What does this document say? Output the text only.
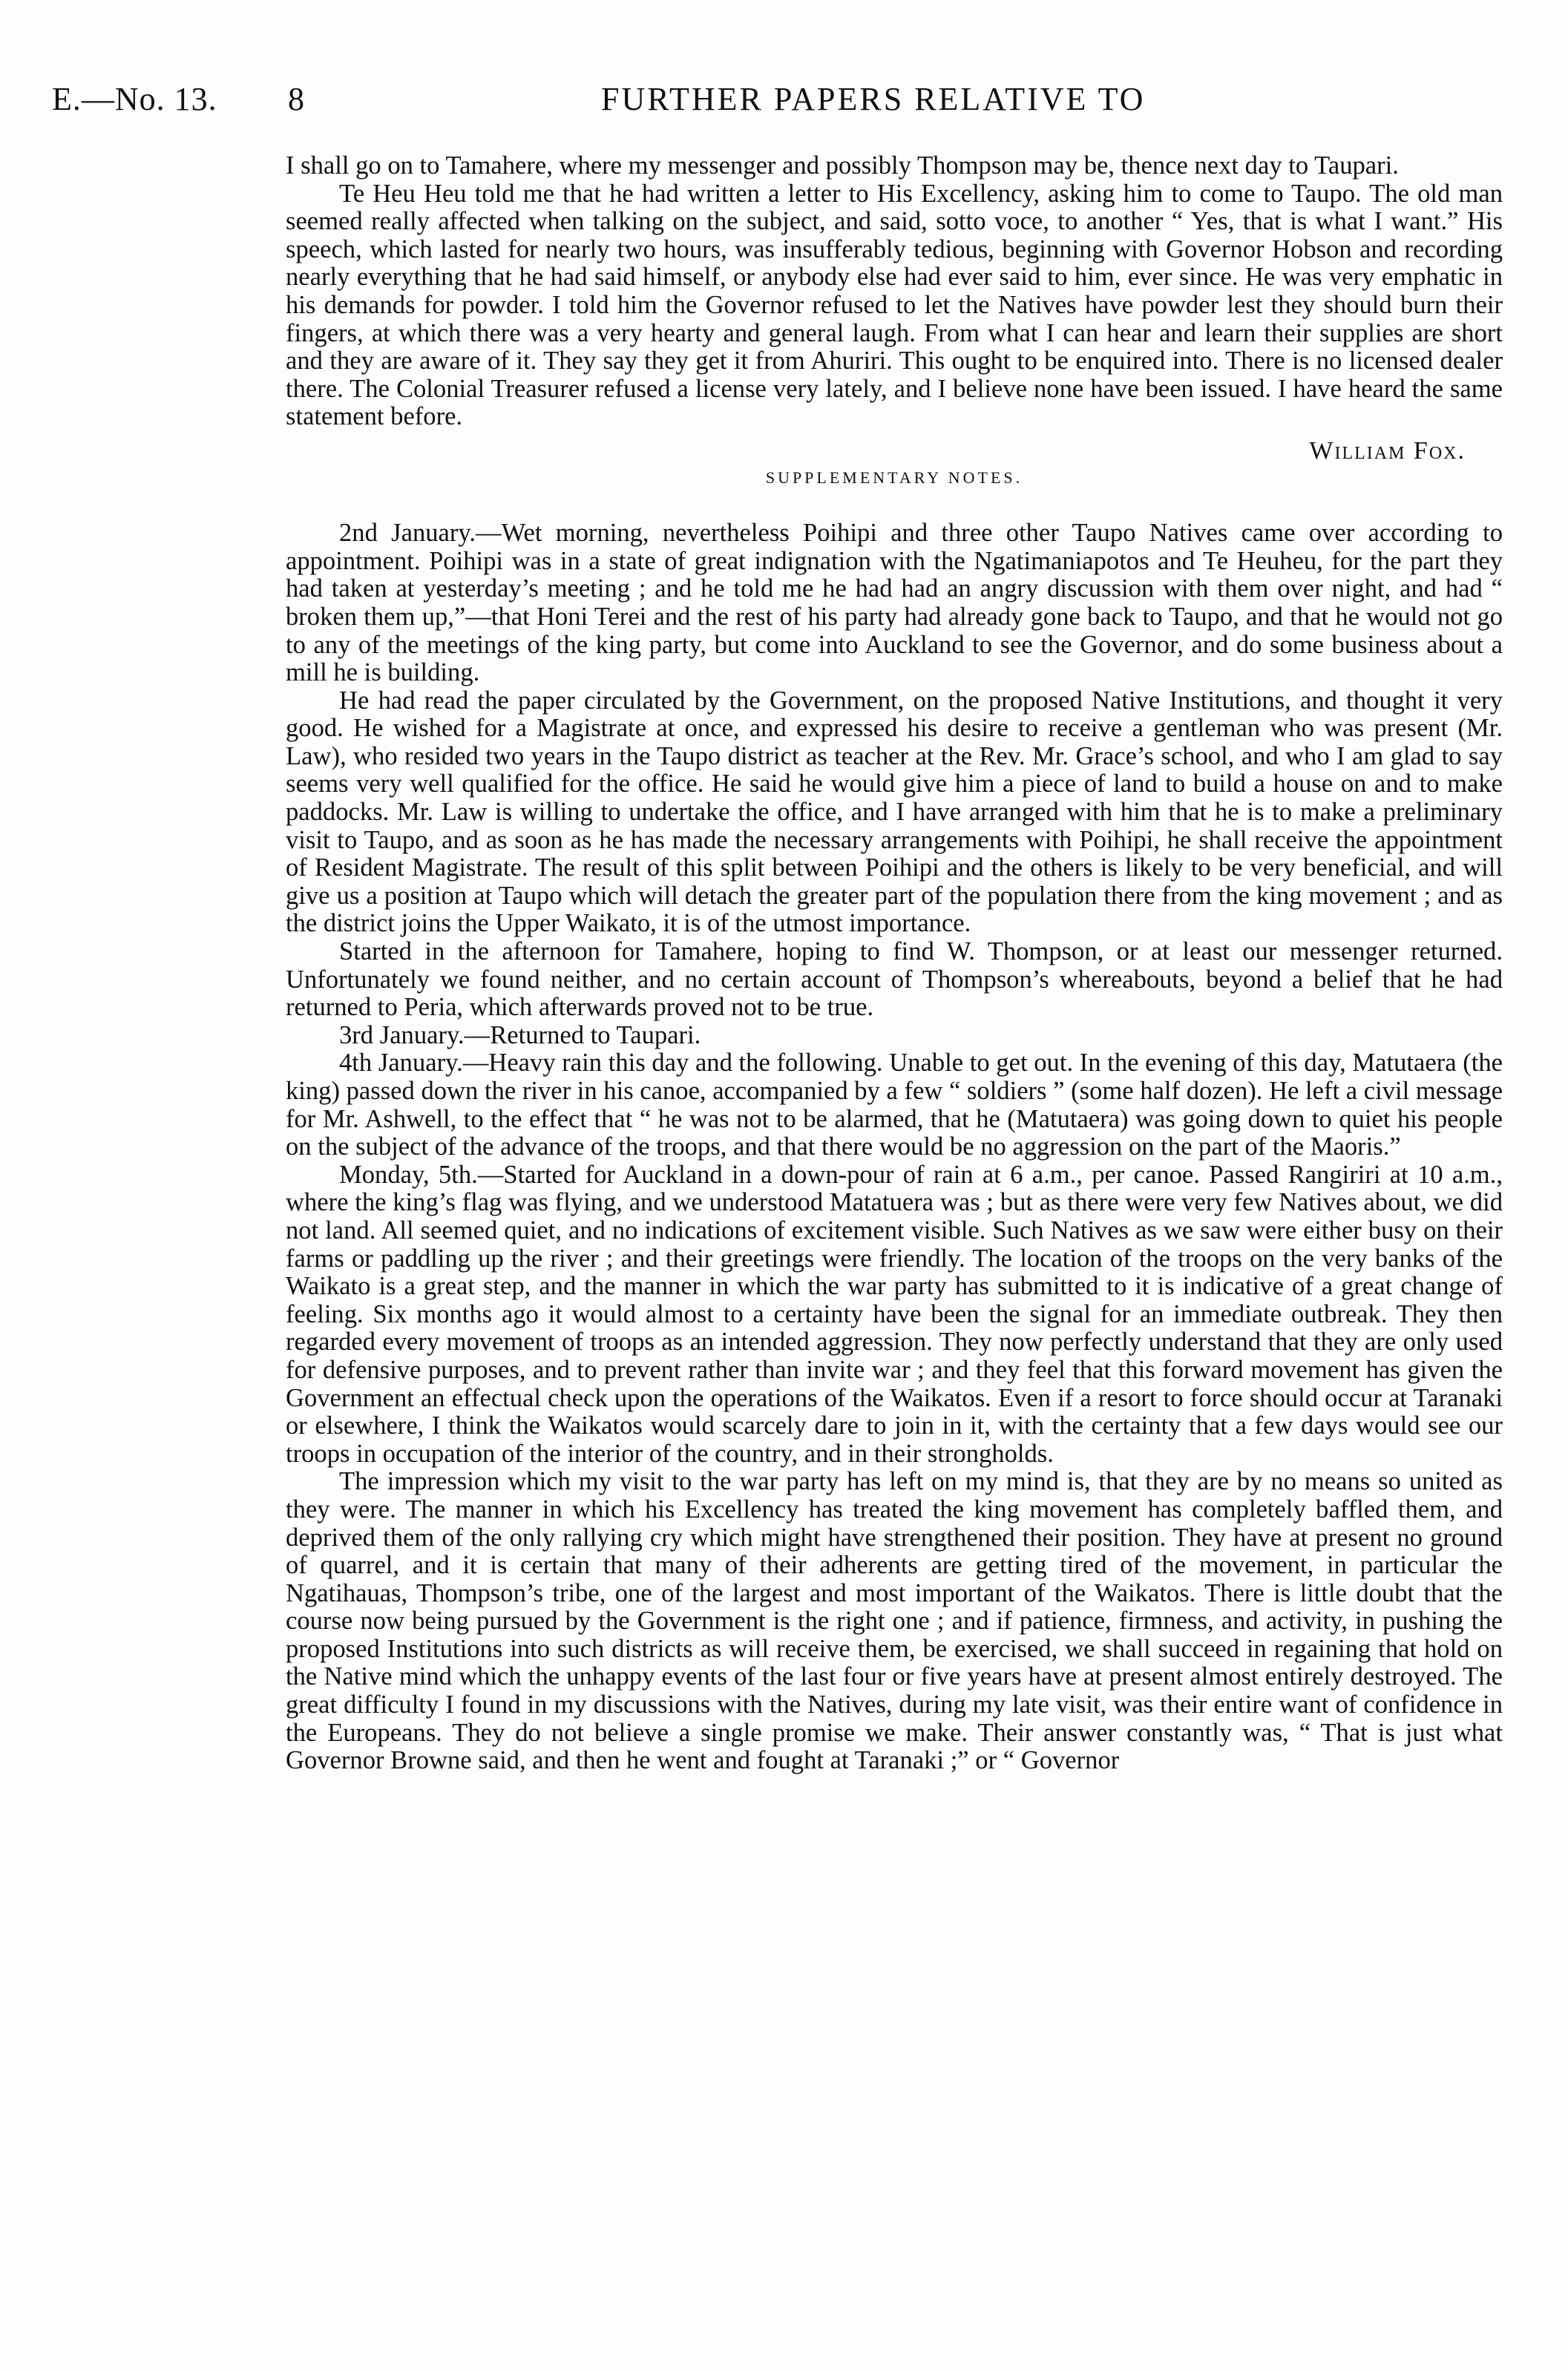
E.—No. 13. 8	FURTHER PAPERS RELATIVE TO

I shall go on to Tamahere, where my messenger and possibly Thompson may be, thence next day to Taupari.

Te Heu Heu told me that he had written a letter to His Excellency, asking him to come to Taupo. The old man seemed really affected when talking on the subject, and said, sotto voce, to another “ Yes, that is what I want.” His speech, which lasted for nearly two hours, was insufferably tedious, beginning with Governor Hobson and recording nearly everything that he had said himself, or anybody else had ever said to him, ever since. He was very emphatic in his demands for powder. I told him the Governor refused to let the Natives have powder lest they should burn their fingers, at which there was a very hearty and general laugh. From what I can hear and learn their supplies are short and they are aware of it. They say they get it from Ahuriri. This ought to be enquired into. There is no licensed dealer there. The Colonial Treasurer refused a license very lately, and I believe none have been issued. I have heard the same statement before.

William Fox.
SUPPLEMENTARY NOTES.

2nd January.—Wet morning, nevertheless Poihipi and three other Taupo Natives came over according to appointment. Poihipi was in a state of great indignation with the Ngatimaniapotos and Te Heuheu, for the part they had taken at yesterday’s meeting ; and he told me he had had an angry discussion with them over night, and had “ broken them up,”—that Honi Terei and the rest of his party had already gone back to Taupo, and that he would not go to any of the meetings of the king party, but come into Auckland to see the Governor, and do some business about a mill he is building.

He had read the paper circulated by the Government, on the proposed Native Institutions, and thought it very good. He wished for a Magistrate at once, and expressed his desire to receive a gentleman who was present (Mr. Law), who resided two years in the Taupo district as teacher at the Rev. Mr. Grace’s school, and who I am glad to say seems very well qualified for the office. He said he would give him a piece of land to build a house on and to make paddocks. Mr. Law is willing to undertake the office, and I have arranged with him that he is to make a preliminary visit to Taupo, and as soon as he has made the necessary arrangements with Poihipi, he shall receive the appointment of Resident Magistrate. The result of this split between Poihipi and the others is likely to be very beneficial, and will give us a position at Taupo which will detach the greater part of the population there from the king movement ; and as the district joins the Upper Waikato, it is of the utmost importance.

Started in the afternoon for Tamahere, hoping to find W. Thompson, or at least our messenger returned. Unfortunately we found neither, and no certain account of Thompson’s whereabouts, beyond a belief that he had returned to Peria, which afterwards proved not to be true.

3rd January.—Returned to Taupari.

4th January.—Heavy rain this day and the following. Unable to get out. In the evening of this day, Matutaera (the king) passed down the river in his canoe, accompanied by a few “ soldiers ” (some half dozen). He left a civil message for Mr. Ashwell, to the effect that “ he was not to be alarmed, that he (Matutaera) was going down to quiet his people on the subject of the advance of the troops, and that there would be no aggression on the part of the Maoris.”

Monday, 5th.—Started for Auckland in a down-pour of rain at 6 a.m., per canoe. Passed Rangiriri at 10 a.m., where the king’s flag was flying, and we understood Matatuera was ; but as there were very few Natives about, we did not land. All seemed quiet, and no indications of excitement visible. Such Natives as we saw were either busy on their farms or paddling up the river ; and their greetings were friendly. The location of the troops on the very banks of the Waikato is a great step, and the manner in which the war party has submitted to it is indicative of a great change of feeling. Six months ago it would almost to a certainty have been the signal for an immediate outbreak. They then regarded every movement of troops as an intended aggression. They now perfectly understand that they are only used for defensive purposes, and to prevent rather than invite war ; and they feel that this forward movement has given the Government an effectual check upon the operations of the Waikatos. Even if a resort to force should occur at Taranaki or elsewhere, I think the Waikatos would scarcely dare to join in it, with the certainty that a few days would see our troops in occupation of the interior of the country, and in their strongholds.

The impression which my visit to the war party has left on my mind is, that they are by no means so united as they were. The manner in which his Excellency has treated the king movement has completely baffled them, and deprived them of the only rallying cry which might have strengthened their position. They have at present no ground of quarrel, and it is certain that many of their adherents are getting tired of the movement, in particular the Ngatihauas, Thompson’s tribe, one of the largest and most important of the Waikatos. There is little doubt that the course now being pursued by the Government is the right one ; and if patience, firmness, and activity, in pushing the proposed Institutions into such districts as will receive them, be exercised, we shall succeed in regaining that hold on the Native mind which the unhappy events of the last four or five years have at present almost entirely destroyed. The great difficulty I found in my discussions with the Natives, during my late visit, was their entire want of confidence in the Europeans. They do not believe a single promise we make. Their answer constantly was, “ That is just what Governor Browne said, and then he went and fought at Taranaki ;” or “ Governor
